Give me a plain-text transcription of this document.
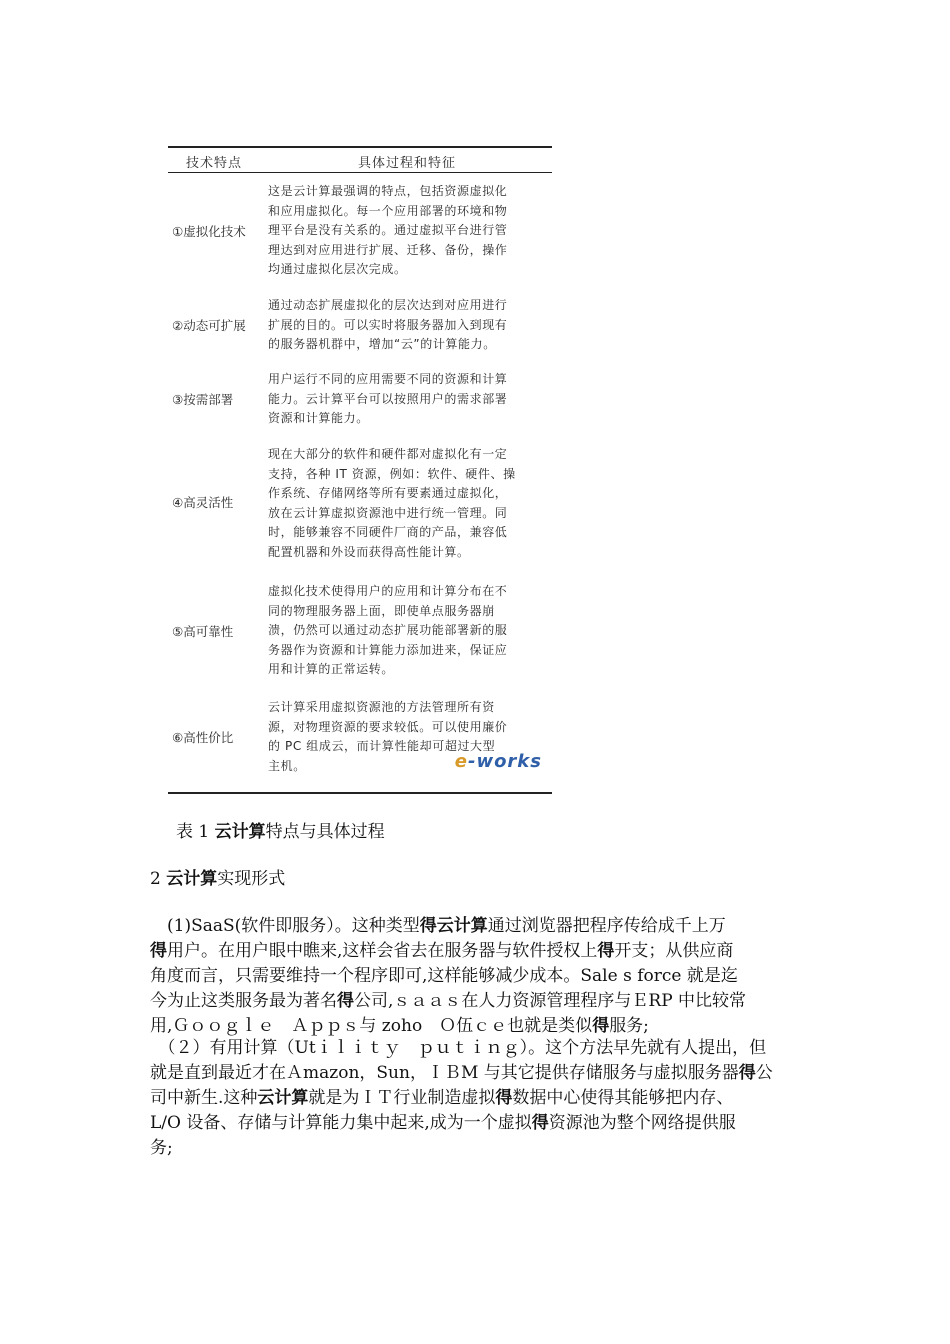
技术特点	具体过程和特征
①虚拟化技术
这是云计算最强调的特点，包括资源虚拟化
和应用虚拟化。每一个应用部署的环境和物
理平台是没有关系的。通过虚拟平台进行管
理达到对应用进行扩展、迁移、备份，操作
均通过虚拟化层次完成。
②动态可扩展
通过动态扩展虚拟化的层次达到对应用进行
扩展的目的。可以实时将服务器加入到现有
的服务器机群中，增加“云”的计算能力。
③按需部署
用户运行不同的应用需要不同的资源和计算
能力。云计算平台可以按照用户的需求部署
资源和计算能力。
④高灵活性
现在大部分的软件和硬件都对虚拟化有一定
支持，各种 IT 资源，例如：软件、硬件、操
作系统、存储网络等所有要素通过虚拟化，
放在云计算虚拟资源池中进行统一管理。同
时，能够兼容不同硬件厂商的产品，兼容低
配置机器和外设而获得高性能计算。
⑤高可靠性
虚拟化技术使得用户的应用和计算分布在不
同的物理服务器上面，即使单点服务器崩
溃，仍然可以通过动态扩展功能部署新的服
务器作为资源和计算能力添加进来，保证应
用和计算的正常运转。
⑥高性价比
云计算采用虚拟资源池的方法管理所有资
源，对物理资源的要求较低。可以使用廉价
的 PC 组成云，而计算性能却可超过大型
主机。	e-works
表 1 云计算特点与具体过程
2 云计算实现形式
　(1)SaaS(软件即服务）。这种类型得云计算通过浏览器把程序传给成千上万
得用户。在用户眼中瞧来,这样会省去在服务器与软件授权上得开支；从供应商
角度而言，只需要维持一个程序即可,这样能够减少成本。Sale s force 就是迄
今为止这类服务最为著名得公司,ｓａａｓ在人力资源管理程序与ＥRP 中比较常
用,Ｇｏｏｇｌｅ　Ａｐｐｓ与 zoho　Ｏ伍ｃｅ也就是类似得服务;
　（２）有用计算（Utｉｌｉｔｙ　ｐｕｔｉｎｇ）。这个方法早先就有人提出，但
就是直到最近才在Ａmazon，Sun，ＩＢM 与其它提供存储服务与虚拟服务器得公
司中新生.这种云计算就是为ＩＴ行业制造虚拟得数据中心使得其能够把内存、
L/O 设备、存储与计算能力集中起来,成为一个虚拟得资源池为整个网络提供服
务;
